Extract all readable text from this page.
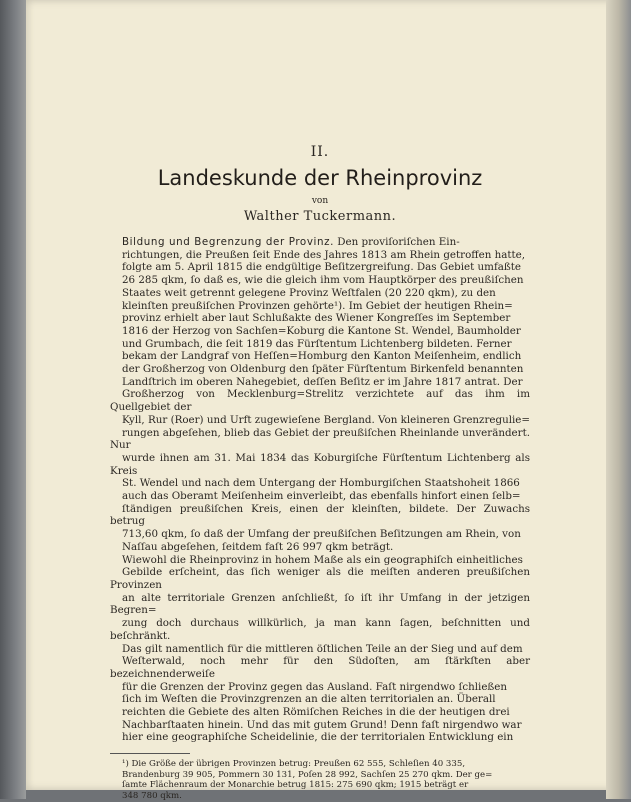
II.
Landeskunde der Rheinprovinz
von
Walther Tuckermann.

Bildung und Begrenzung der Provinz. Den proviſoriſchen Ein-
richtungen, die Preußen ſeit Ende des Jahres 1813 am Rhein getroffen hatte,
folgte am 5. April 1815 die endgültige Beſitzergreifung. Das Gebiet umfaßte
26 285 qkm, ſo daß es, wie die gleich ihm vom Hauptkörper des preußiſchen
Staates weit getrennt gelegene Provinz Weſtfalen (20 220 qkm), zu den
kleinſten preußiſchen Provinzen gehörte¹). Im Gebiet der heutigen Rhein=
provinz erhielt aber laut Schlußakte des Wiener Kongreſſes im September
1816 der Herzog von Sachſen=Koburg die Kantone St. Wendel, Baumholder
und Grumbach, die ſeit 1819 das Fürſtentum Lichtenberg bildeten. Ferner
bekam der Landgraf von Heſſen=Homburg den Kanton Meiſenheim, endlich
der Großherzog von Oldenburg den ſpäter Fürſtentum Birkenfeld benannten
Landſtrich im oberen Nahegebiet, deſſen Beſitz er im Jahre 1817 antrat. Der
Großherzog von Mecklenburg=Strelitz verzichtete auf das ihm im Quellgebiet der
Kyll, Rur (Roer) und Urft zugewieſene Bergland. Von kleineren Grenzregulie=
rungen abgeſehen, blieb das Gebiet der preußiſchen Rheinlande unverändert. Nur
wurde ihnen am 31. Mai 1834 das Koburgiſche Fürſtentum Lichtenberg als Kreis
St. Wendel und nach dem Untergang der Homburgiſchen Staatshoheit 1866
auch das Oberamt Meiſenheim einverleibt, das ebenfalls hinfort einen ſelb=
ſtändigen preußiſchen Kreis, einen der kleinſten, bildete. Der Zuwachs betrug
713,60 qkm, ſo daß der Umfang der preußiſchen Beſitzungen am Rhein, von
Naſſau abgeſehen, ſeitdem faſt 26 997 qkm beträgt.

Wiewohl die Rheinprovinz in hohem Maße als ein geographiſch einheitliches
Gebilde erſcheint, das ſich weniger als die meiſten anderen preußiſchen Provinzen
an alte territoriale Grenzen anſchließt, ſo iſt ihr Umfang in der jetzigen Begren=
zung doch durchaus willkürlich, ja man kann ſagen, beſchnitten und beſchränkt.
Das gilt namentlich für die mittleren öſtlichen Teile an der Sieg und auf dem
Weſterwald, noch mehr für den Südoſten, am ſtärkſten aber bezeichnenderweiſe
für die Grenzen der Provinz gegen das Ausland. Faſt nirgendwo ſchließen
ſich im Weſten die Provinzgrenzen an die alten territorialen an. Überall
reichten die Gebiete des alten Römiſchen Reiches in die der heutigen drei
Nachbarſtaaten hinein. Und das mit gutem Grund! Denn faſt nirgendwo war
hier eine geographiſche Scheidelinie, die der territorialen Entwicklung ein

¹) Die Größe der übrigen Provinzen betrug: Preußen 62 555, Schleſien 40 335,
Brandenburg 39 905, Pommern 30 131, Poſen 28 992, Sachſen 25 270 qkm. Der ge=
ſamte Flächenraum der Monarchie betrug 1815: 275 690 qkm; 1915 beträgt er
348 780 qkm.
